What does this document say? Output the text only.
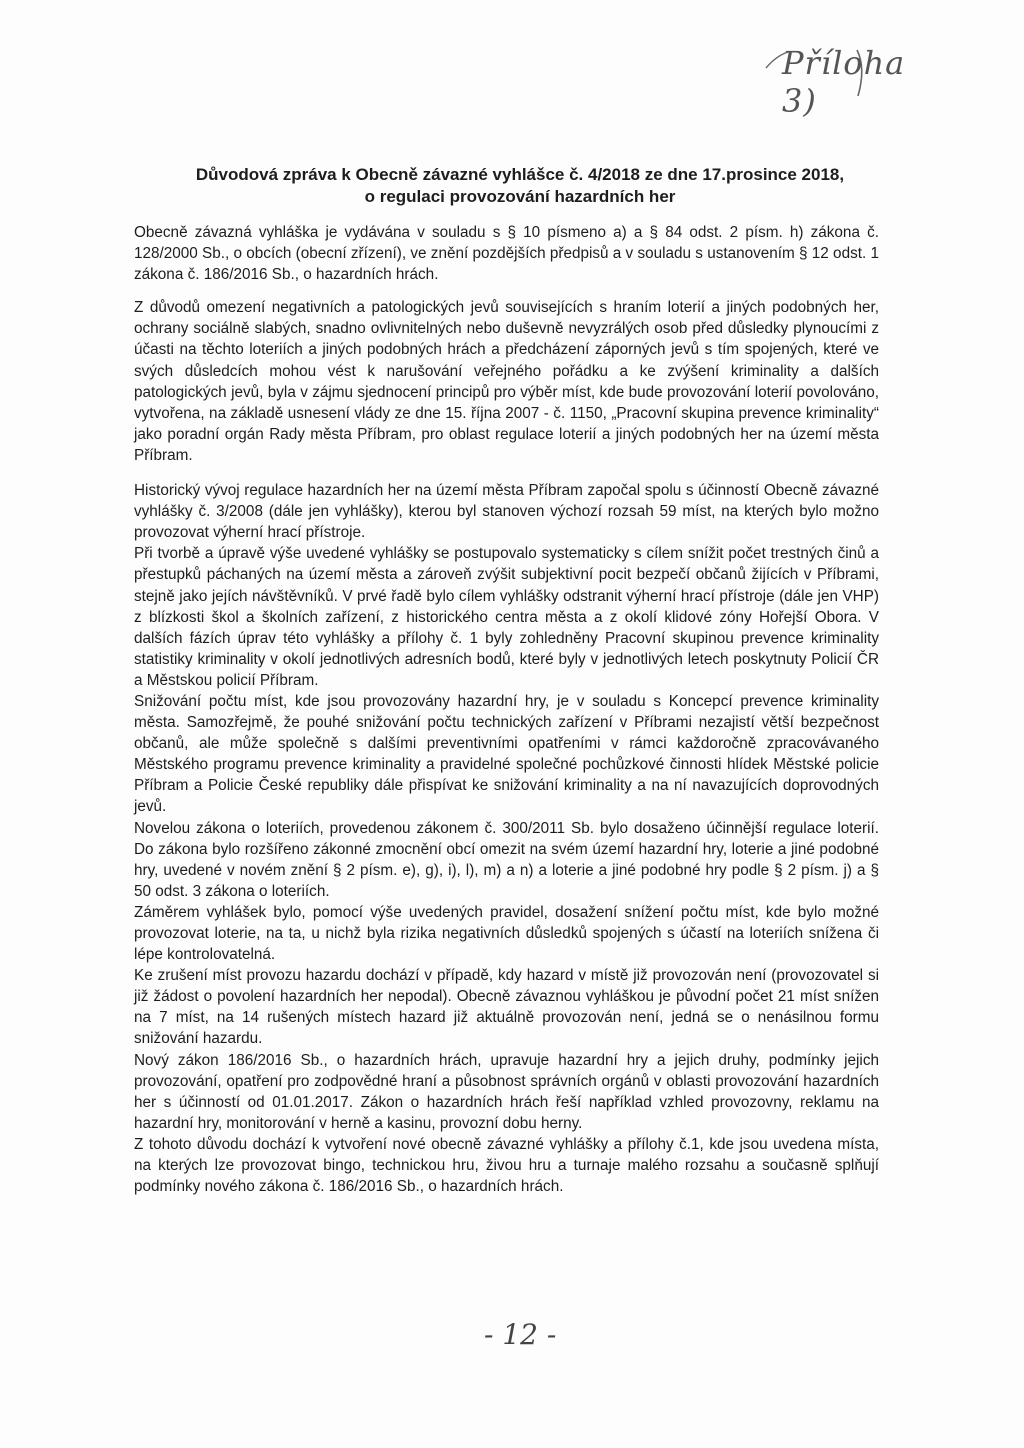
Příloha 3)
Důvodová zpráva k Obecně závazné vyhlášce č. 4/2018 ze dne 17.prosince 2018,
o regulaci provozování hazardních her

Obecně závazná vyhláška je vydávána v souladu s § 10 písmeno a) a § 84 odst. 2 písm. h) zákona č. 128/2000 Sb., o obcích (obecní zřízení), ve znění pozdějších předpisů a v souladu s ustanovením § 12 odst. 1 zákona č. 186/2016 Sb., o hazardních hrách.

Z důvodů omezení negativních a patologických jevů souvisejících s hraním loterií a jiných podobných her, ochrany sociálně slabých, snadno ovlivnitelných nebo duševně nevyzrálých osob před důsledky plynoucími z účasti na těchto loteriích a jiných podobných hrách a předcházení záporných jevů s tím spojených, které ve svých důsledcích mohou vést k narušování veřejného pořádku a ke zvýšení kriminality a dalších patologických jevů, byla v zájmu sjednocení principů pro výběr míst, kde bude provozování loterií povolováno, vytvořena, na základě usnesení vlády ze dne 15. října 2007 - č. 1150, „Pracovní skupina prevence kriminality“ jako poradní orgán Rady města Příbram, pro oblast regulace loterií a jiných podobných her na území města Příbram.

Historický vývoj regulace hazardních her na území města Příbram započal spolu s účinností Obecně závazné vyhlášky č. 3/2008 (dále jen vyhlášky), kterou byl stanoven výchozí rozsah 59 míst, na kterých bylo možno provozovat výherní hrací přístroje.

Při tvorbě a úpravě výše uvedené vyhlášky se postupovalo systematicky s cílem snížit počet trestných činů a přestupků páchaných na území města a zároveň zvýšit subjektivní pocit bezpečí občanů žijících v Příbrami, stejně jako jejích návštěvníků. V prvé řadě bylo cílem vyhlášky odstranit výherní hrací přístroje (dále jen VHP) z blízkosti škol a školních zařízení, z historického centra města a z okolí klidové zóny Hořejší Obora. V dalších fázích úprav této vyhlášky a přílohy č. 1 byly zohledněny Pracovní skupinou prevence kriminality statistiky kriminality v okolí jednotlivých adresních bodů, které byly v jednotlivých letech poskytnuty Policií ČR a Městskou policií Příbram.

Snižování počtu míst, kde jsou provozovány hazardní hry, je v souladu s Koncepcí prevence kriminality města. Samozřejmě, že pouhé snižování počtu technických zařízení v Příbrami nezajistí větší bezpečnost občanů, ale může společně s dalšími preventivními opatřeními v rámci každoročně zpracovávaného Městského programu prevence kriminality a pravidelné společné pochůzkové činnosti hlídek Městské policie Příbram a Policie České republiky dále přispívat ke snižování kriminality a na ní navazujících doprovodných jevů.

Novelou zákona o loteriích, provedenou zákonem č. 300/2011 Sb. bylo dosaženo účinnější regulace loterií. Do zákona bylo rozšířeno zákonné zmocnění obcí omezit na svém území hazardní hry, loterie a jiné podobné hry, uvedené v novém znění § 2 písm. e), g), i), l), m) a n) a loterie a jiné podobné hry podle § 2 písm. j) a § 50 odst. 3 zákona o loteriích.

Záměrem vyhlášek bylo, pomocí výše uvedených pravidel, dosažení snížení počtu míst, kde bylo možné provozovat loterie, na ta, u nichž byla rizika negativních důsledků spojených s účastí na loteriích snížena či lépe kontrolovatelná.

Ke zrušení míst provozu hazardu dochází v případě, kdy hazard v místě již provozován není (provozovatel si již žádost o povolení hazardních her nepodal). Obecně závaznou vyhláškou je původní počet 21 míst snížen na 7 míst, na 14 rušených místech hazard již aktuálně provozován není, jedná se o nenásilnou formu snižování hazardu.

Nový zákon 186/2016 Sb., o hazardních hrách, upravuje hazardní hry a jejich druhy, podmínky jejich provozování, opatření pro zodpovědné hraní a působnost správních orgánů v oblasti provozování hazardních her s účinností od 01.01.2017. Zákon o hazardních hrách řeší například vzhled provozovny, reklamu na hazardní hry, monitorování v herně a kasinu, provozní dobu herny.

Z tohoto důvodu dochází k vytvoření nové obecně závazné vyhlášky a přílohy č.1, kde jsou uvedena místa, na kterých lze provozovat bingo, technickou hru, živou hru a turnaje malého rozsahu a současně splňují podmínky nového zákona č. 186/2016 Sb., o hazardních hrách.

- 12 -
